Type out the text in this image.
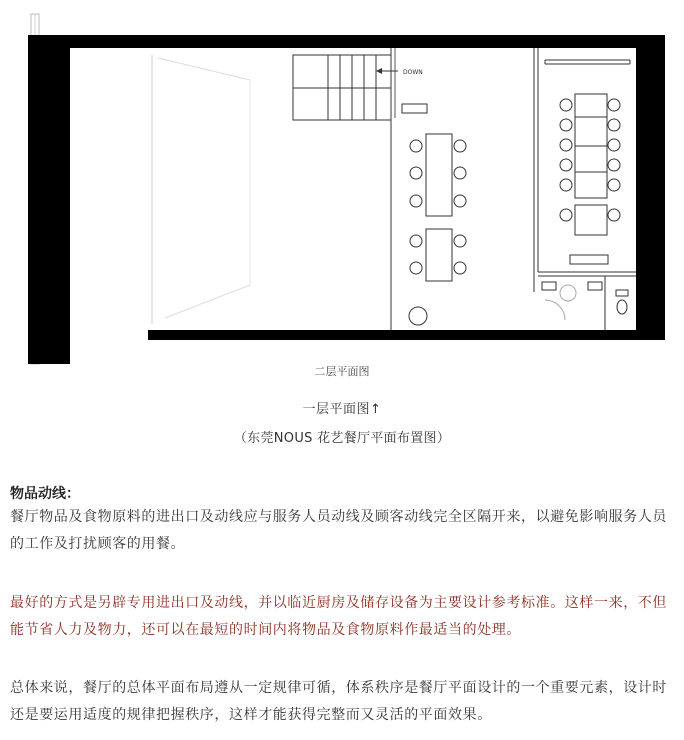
FLOWERS
DOWN
二层平面图
一层平面图↑
（东莞NOUS 花艺餐厅平面布置图）
物品动线：

餐厅物品及食物原料的进出口及动线应与服务人员动线及顾客动线完全区隔开来，以避免影响服务人员的工作及打扰顾客的用餐。

最好的方式是另辟专用进出口及动线，并以临近厨房及储存设备为主要设计参考标准。这样一来，不但能节省人力及物力，还可以在最短的时间内将物品及食物原料作最适当的处理。

总体来说，餐厅的总体平面布局遵从一定规律可循，体系秩序是餐厅平面设计的一个重要元素，设计时还是要运用适度的规律把握秩序，这样才能获得完整而又灵活的平面效果。
